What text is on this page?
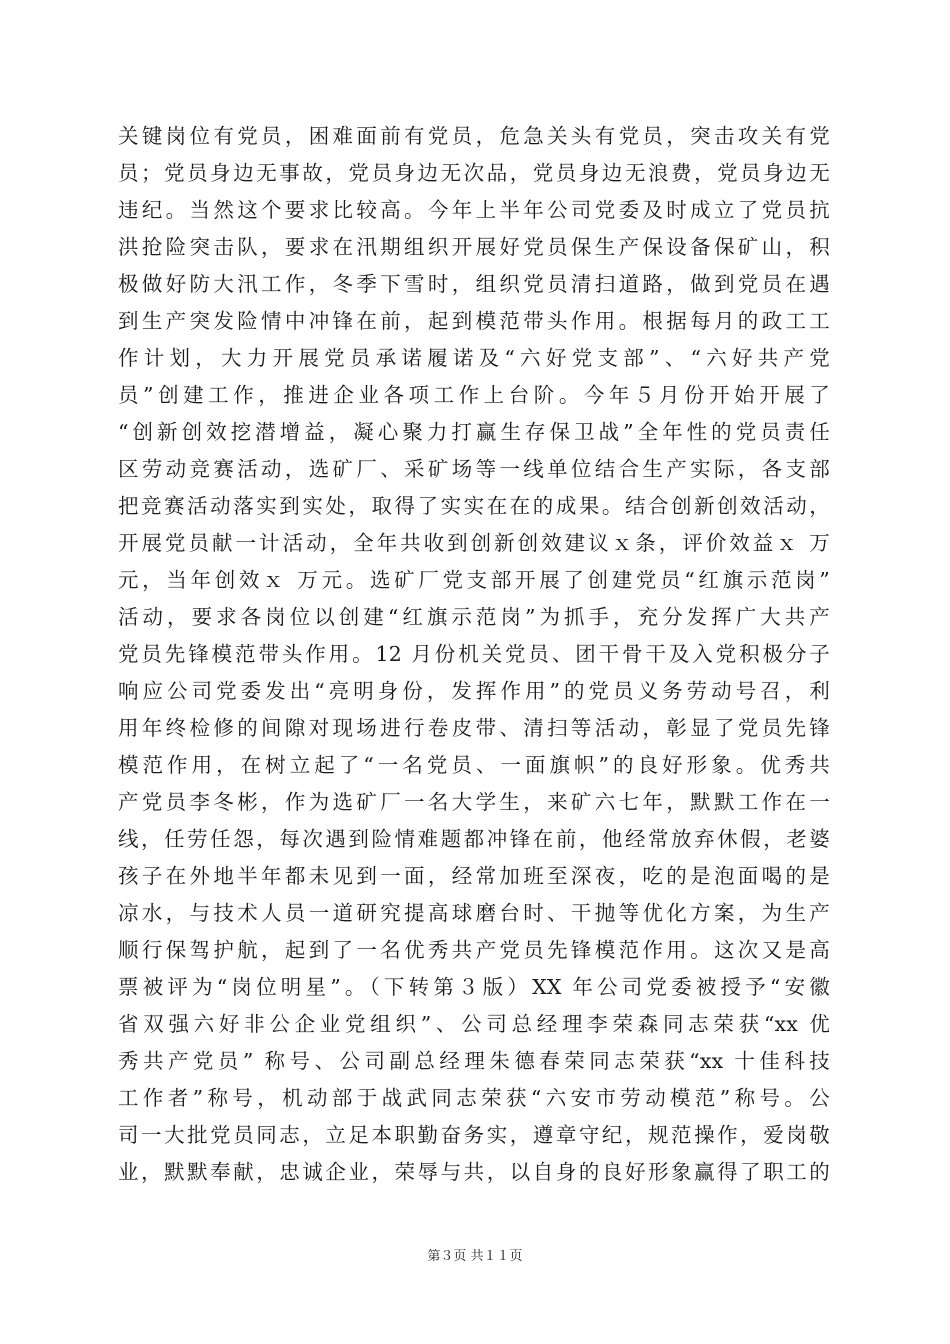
关键岗位有党员，困难面前有党员，危急关头有党员，突击攻关有党
员；党员身边无事故，党员身边无次品，党员身边无浪费，党员身边无
违纪。当然这个要求比较高。今年上半年公司党委及时成立了党员抗
洪抢险突击队，要求在汛期组织开展好党员保生产保设备保矿山，积
极做好防大汛工作，冬季下雪时，组织党员清扫道路，做到党员在遇
到生产突发险情中冲锋在前，起到模范带头作用。根据每月的政工工
作计划，大力开展党员承诺履诺及“六好党支部”、“六好共产党
员”创建工作，推进企业各项工作上台阶。今年５月份开始开展了
“创新创效挖潜增益，凝心聚力打赢生存保卫战”全年性的党员责任
区劳动竞赛活动，选矿厂、采矿场等一线单位结合生产实际，各支部
把竞赛活动落实到实处，取得了实实在在的成果。结合创新创效活动，
开展党员献一计活动，全年共收到创新创效建议ｘ条，评价效益ｘ 万
元，当年创效ｘ 万元。选矿厂党支部开展了创建党员“红旗示范岗”
活动，要求各岗位以创建“红旗示范岗”为抓手，充分发挥广大共产
党员先锋模范带头作用。12 月份机关党员、团干骨干及入党积极分子
响应公司党委发出“亮明身份，发挥作用”的党员义务劳动号召，利
用年终检修的间隙对现场进行卷皮带、清扫等活动，彰显了党员先锋
模范作用，在树立起了“一名党员、一面旗帜”的良好形象。优秀共
产党员李冬彬，作为选矿厂一名大学生，来矿六七年，默默工作在一
线，任劳任怨，每次遇到险情难题都冲锋在前，他经常放弃休假，老婆
孩子在外地半年都未见到一面，经常加班至深夜，吃的是泡面喝的是
凉水，与技术人员一道研究提高球磨台时、干抛等优化方案，为生产
顺行保驾护航，起到了一名优秀共产党员先锋模范作用。这次又是高
票被评为“岗位明星”。（下转第３版）XX 年公司党委被授予“安徽
省双强六好非公企业党组织”、公司总经理李荣森同志荣获“xx 优
秀共产党员” 称号、公司副总经理朱德春荣同志荣获“xx 十佳科技
工作者”称号，机动部于战武同志荣获“六安市劳动模范”称号。公
司一大批党员同志，立足本职勤奋务实，遵章守纪，规范操作，爱岗敬
业，默默奉献，忠诚企业，荣辱与共，以自身的良好形象赢得了职工的
第３页 共１１页
